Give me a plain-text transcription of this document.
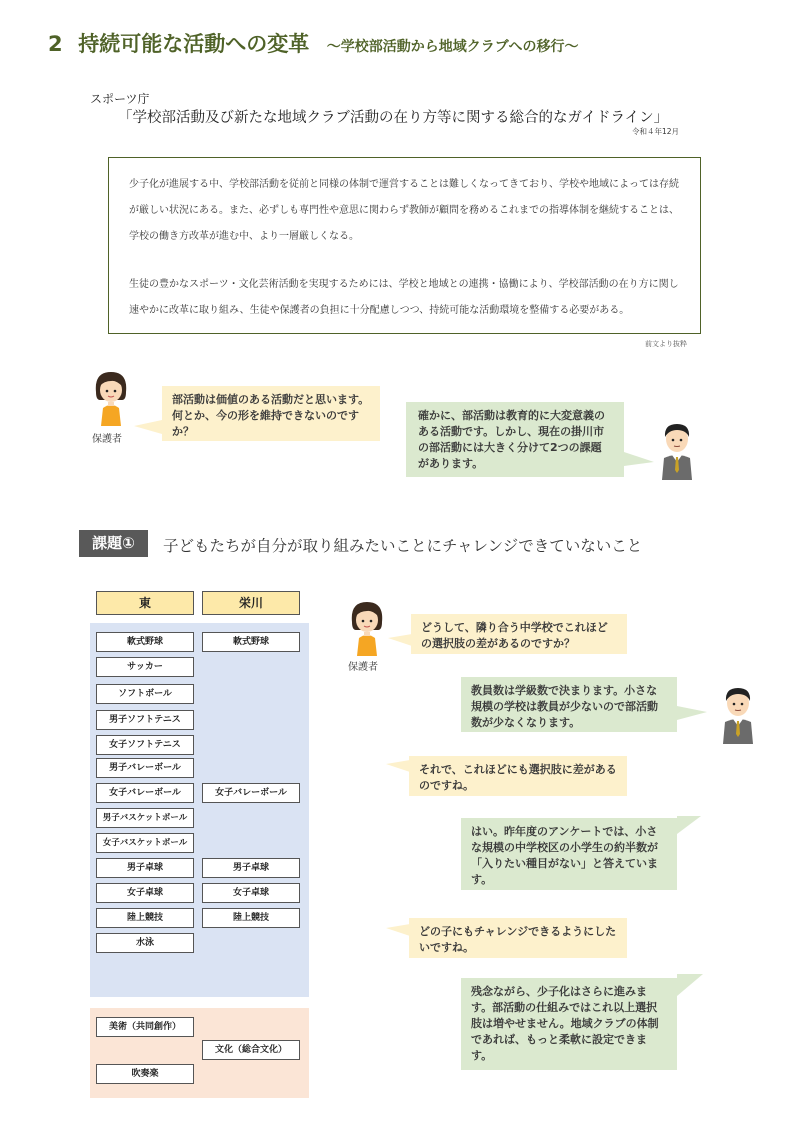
2 持続可能な活動への変革 ～学校部活動から地域クラブへの移行～
スポーツ庁
「学校部活動及び新たな地域クラブ活動の在り方等に関する総合的なガイドライン」
令和４年12月

少子化が進展する中、学校部活動を従前と同様の体制で運営することは難しくなってきており、学校や地域によっては存続が厳しい状況にある。また、必ずしも専門性や意思に関わらず教師が顧問を務めるこれまでの指導体制を継続することは、学校の働き方改革が進む中、より一層厳しくなる。

生徒の豊かなスポーツ・文化芸術活動を実現するためには、学校と地域との連携・協働により、学校部活動の在り方に関し速やかに改革に取り組み、生徒や保護者の負担に十分配慮しつつ、持続可能な活動環境を整備する必要がある。

前文より抜粋
保護者
部活動は価値のある活動だと思います。何とか、今の形を維持できないのですか？
確かに、部活動は教育的に大変意義のある活動です。しかし、現在の掛川市の部活動には大きく分けて2つの課題があります。
課題①	子どもたちが自分が取り組みたいことにチャレンジできていないこと
東	栄川
軟式野球
サッカー
ソフトボール
男子ソフトテニス
女子ソフトテニス
男子バレーボール
女子バレーボール
男子バスケットボール
女子バスケットボール
男子卓球
女子卓球
陸上競技
水泳
軟式野球
女子バレーボール
男子卓球
女子卓球
陸上競技
美術（共同創作）
吹奏楽
文化（総合文化）
保護者
どうして、隣り合う中学校でこれほどの選択肢の差があるのですか？
教員数は学級数で決まります。小さな規模の学校は教員が少ないので部活動数が少なくなります。
それで、これほどにも選択肢に差があるのですね。
はい。昨年度のアンケートでは、小さな規模の中学校区の小学生の約半数が「入りたい種目がない」と答えています。
どの子にもチャレンジできるようにしたいですね。
残念ながら、少子化はさらに進みます。部活動の仕組みではこれ以上選択肢は増やせません。地域クラブの体制であれば、もっと柔軟に設定できます。
